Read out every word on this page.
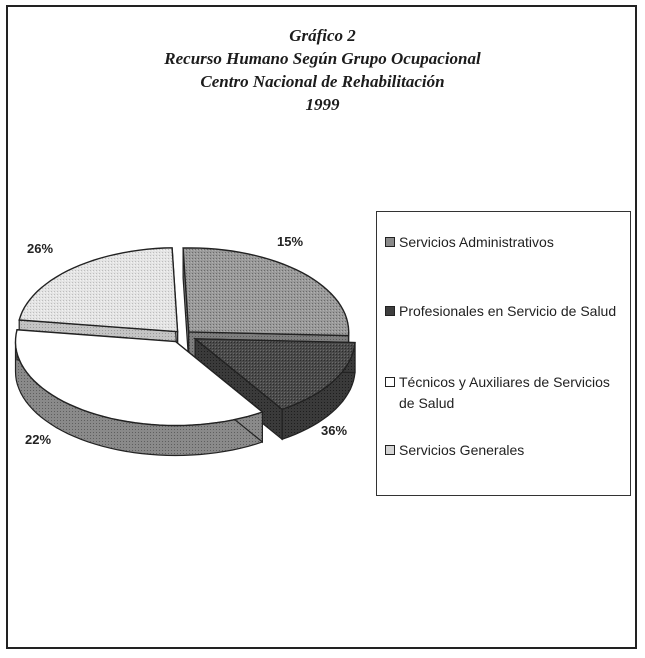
Gráfico 2
Recurso Humano Según Grupo Ocupacional
Centro Nacional de Rehabilitación
1999
26%	15%
36%
22%
Servicios Administrativos
Profesionales en Servicio de Salud
Técnicos y Auxiliares de Servicios de Salud
Servicios Generales
